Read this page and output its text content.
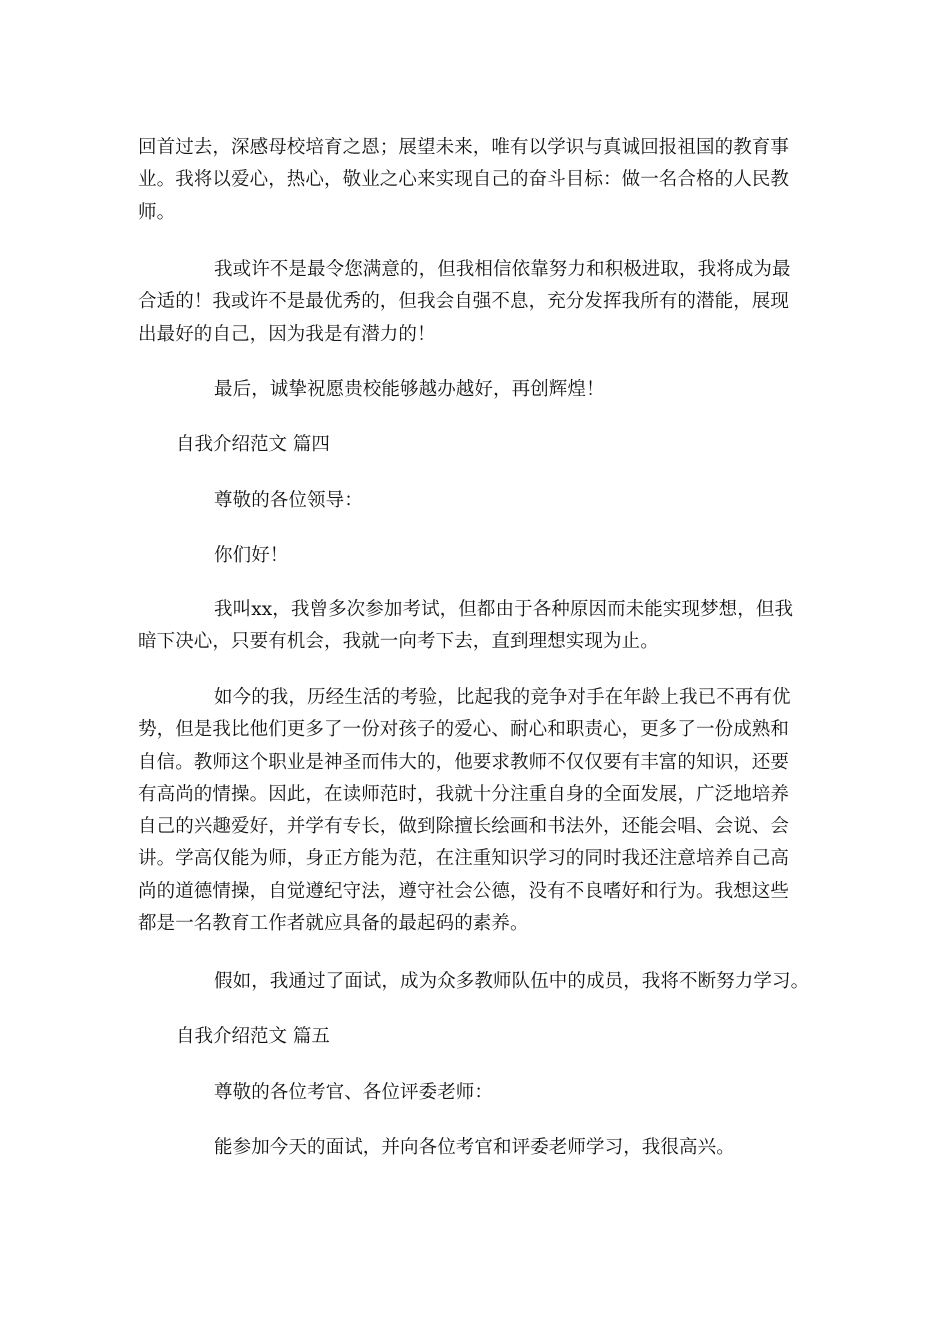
回首过去，深感母校培育之恩；展望未来，唯有以学识与真诚回报祖国的教育事
业。我将以爱心，热心，敬业之心来实现自己的奋斗目标：做一名合格的人民教
师。
我或许不是最令您满意的，但我相信依靠努力和积极进取，我将成为最
合适的！我或许不是最优秀的，但我会自强不息，充分发挥我所有的潜能，展现
出最好的自己，因为我是有潜力的！
最后，诚挚祝愿贵校能够越办越好，再创辉煌！
自我介绍范文 篇四
尊敬的各位领导：
你们好！
我叫xx，我曾多次参加考试，但都由于各种原因而未能实现梦想，但我
暗下决心，只要有机会，我就一向考下去，直到理想实现为止。
如今的我，历经生活的考验，比起我的竞争对手在年龄上我已不再有优
势，但是我比他们更多了一份对孩子的爱心、耐心和职责心，更多了一份成熟和
自信。教师这个职业是神圣而伟大的，他要求教师不仅仅要有丰富的知识，还要
有高尚的情操。因此，在读师范时，我就十分注重自身的全面发展，广泛地培养
自己的兴趣爱好，并学有专长，做到除擅长绘画和书法外，还能会唱、会说、会
讲。学高仅能为师，身正方能为范，在注重知识学习的同时我还注意培养自己高
尚的道德情操，自觉遵纪守法，遵守社会公德，没有不良嗜好和行为。我想这些
都是一名教育工作者就应具备的最起码的素养。
假如，我通过了面试，成为众多教师队伍中的成员，我将不断努力学习。
自我介绍范文 篇五
尊敬的各位考官、各位评委老师：
能参加今天的面试，并向各位考官和评委老师学习，我很高兴。
